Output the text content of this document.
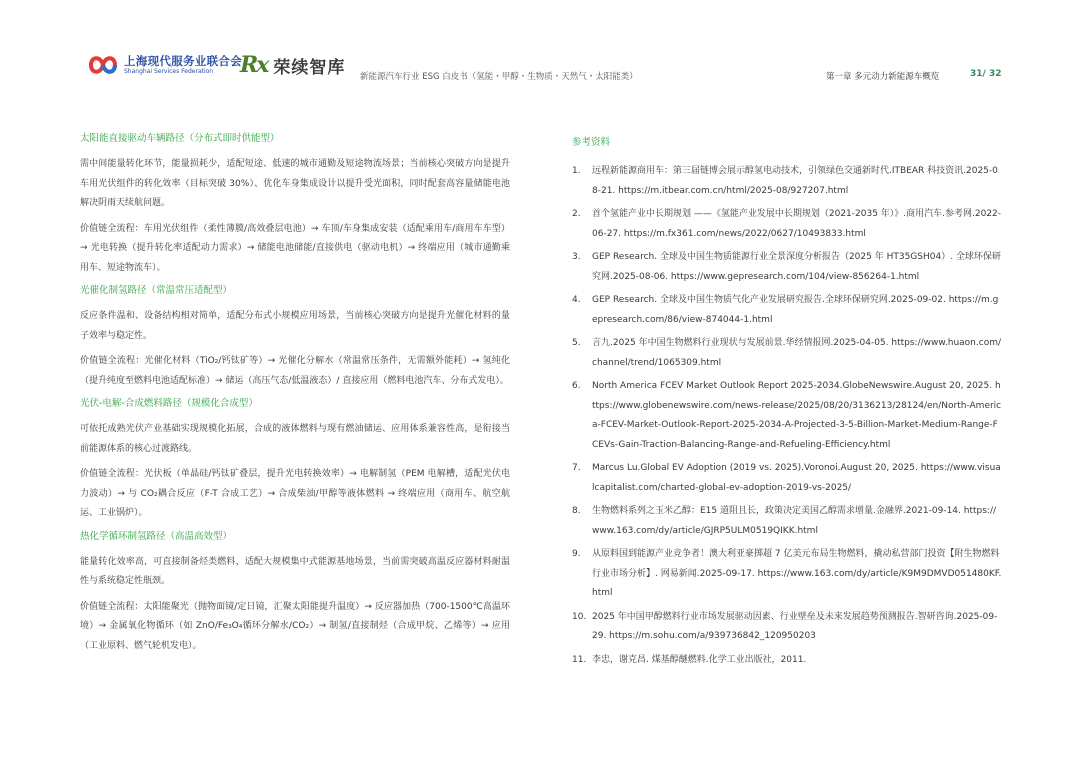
上海现代服务业联合会
Shanghai Services Federation	Rx 荣续智库 新能源汽车行业 ESG 白皮书（氢能・甲醇・生物质・天然气・太阳能类）	第一章 多元动力新能源车概览	31/ 32
太阳能直接驱动车辆路径（分布式即时供能型）

需中间能量转化环节，能量损耗少，适配短途、低速的城市通勤及短途物流场景；当前核心突破方向是提升车用光伏组件的转化效率（目标突破 30%）、优化车身集成设计以提升受光面积，同时配套高容量储能电池解决阴雨天续航问题。

价值链全流程：车用光伏组件（柔性薄膜/高效叠层电池）→ 车顶/车身集成安装（适配乘用车/商用车车型）→ 光电转换（提升转化率适配动力需求）→ 储能电池储能/直接供电（驱动电机）→ 终端应用（城市通勤乘用车、短途物流车）。

光催化制氢路径（常温常压适配型）

反应条件温和、设备结构相对简单，适配分布式小规模应用场景，当前核心突破方向是提升光催化材料的量子效率与稳定性。

价值链全流程：光催化材料（TiO₂/钙钛矿等）→ 光催化分解水（常温常压条件，无需额外能耗）→ 氢纯化（提升纯度至燃料电池适配标准）→ 储运（高压气态/低温液态）/ 直接应用（燃料电池汽车、分布式发电）。

光伏-电解-合成燃料路径（规模化合成型）

可依托成熟光伏产业基础实现规模化拓展，合成的液体燃料与现有燃油储运、应用体系兼容性高，是衔接当前能源体系的核心过渡路线。

价值链全流程：光伏板（单晶硅/钙钛矿叠层，提升光电转换效率）→ 电解制氢（PEM 电解槽，适配光伏电力波动）→ 与 CO₂耦合反应（F-T 合成工艺）→ 合成柴油/甲醇等液体燃料 → 终端应用（商用车、航空航运、工业锅炉）。

热化学循环制氢路径（高温高效型）

能量转化效率高，可直接制备烃类燃料，适配大规模集中式能源基地场景，当前需突破高温反应器材料耐温性与系统稳定性瓶颈。

价值链全流程：太阳能聚光（抛物面镜/定日镜，汇聚太阳能提升温度）→ 反应器加热（700-1500℃高温环境）→ 金属氧化物循环（如 ZnO/Fe₃O₄循环分解水/CO₂）→ 制氢/直接制烃（合成甲烷、乙烯等）→ 应用（工业原料、燃气轮机发电）。

参考资料
1.	远程新能源商用车：第三届链博会展示醇氢电动技术，引领绿色交通新时代.ITBEAR 科技资讯.2025-08-21. https://m.itbear.com.cn/html/2025-08/927207.html
2.	首个氢能产业中长期规划 ——《氢能产业发展中长期规划（2021-2035 年）》.商用汽车.参考网.2022-06-27. https://m.fx361.com/news/2022/0627/10493833.html
3.	GEP Research. 全球及中国生物质能源行业全景深度分析报告（2025 年 HT35GSH04）. 全球环保研究网.2025-08-06. https://www.gepresearch.com/104/view-856264-1.html
4.	GEP Research. 全球及中国生物质气化产业发展研究报告.全球环保研究网.2025-09-02. https://m.gepresearch.com/86/view-874044-1.html
5.	言九.2025 年中国生物燃料行业现状与发展前景.华经情报网.2025-04-05. https://www.huaon.com/channel/trend/1065309.html
6.	North America FCEV Market Outlook Report 2025-2034.GlobeNewswire.August 20, 2025. https://www.globenewswire.com/news-release/2025/08/20/3136213/28124/en/North-America-FCEV-Market-Outlook-Report-2025-2034-A-Projected-3-5-Billion-Market-Medium-Range-FCEVs-Gain-Traction-Balancing-Range-and-Refueling-Efficiency.html
7.	Marcus Lu.Global EV Adoption (2019 vs. 2025).Voronoi.August 20, 2025. https://www.visualcapitalist.com/charted-global-ev-adoption-2019-vs-2025/
8.	生物燃料系列之玉米乙醇：E15 道阻且长，政策决定美国乙醇需求增量.金融界.2021-09-14. https://www.163.com/dy/article/GJRP5ULM0519QIKK.html
9.	从原料国到能源产业竞争者！澳大利亚豪掷超 7 亿美元布局生物燃料，撬动私营部门投资【附生物燃料行业市场分析】. 网易新闻.2025-09-17. https://www.163.com/dy/article/K9M9DMVD051480KF.html
10. 2025 年中国甲醇燃料行业市场发展驱动因素、行业壁垒及未来发展趋势预测报告.智研咨询.2025-09-29. https://m.sohu.com/a/939736842_120950203
11. 李忠，谢克昌. 煤基醇醚燃料.化学工业出版社，2011.
